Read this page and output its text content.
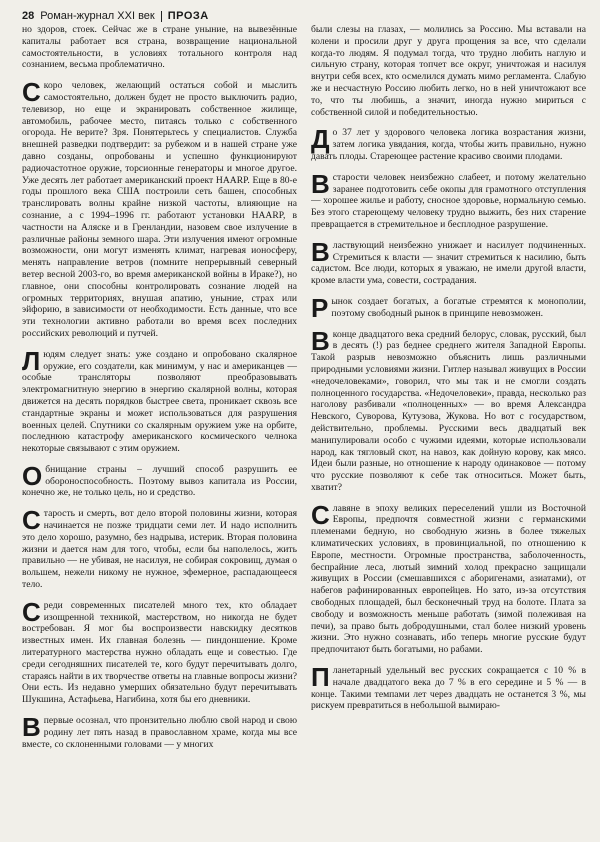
28 Роман-журнал XXI век ПРОЗА

но здоров, стоек. Сейчас же в стране уныние, на вывезённые капиталы работает вся страна, возвращение национальной самостоятельности, в условиях тотального контроля над сознанием, весьма проблематично.

Скоро человек, желающий остаться собой и мыслить самостоятельно, должен будет не просто выключить радио, телевизор, но еще и экранировать собственное жилище, автомобиль, рабочее место, питаясь только с собственного огорода. Не верите? Зря. Понятерьтесь у специалистов. Служба внешней разведки подтвердит: за рубежом и в нашей стране уже давно созданы, опробованы и успешно функционируют радиочастотное оружие, торсионные генераторы и многое другое. Уже десять лет работает американский проект HAARP. Еще в 80-е годы прошлого века США построили сеть башен, способных транслировать волны крайне низкой частоты, влияющие на сознание, а с 1994–1996 гг. работают установки HAARP, в частности на Аляске и в Гренландии, назовем свое излучение в различные районы земного шара. Эти излучения имеют огромные возможности, они могут изменять климат, нагревая ионосферу, менять направление ветров (помните непрерывный северный ветер весной 2003-го, во время американской войны в Ираке?), но главное, они способны контролировать сознание людей на огромных территориях, внушая апатию, уныние, страх или эйфорию, в зависимости от необходимости. Есть данные, что все эти технологии активно работали во время всех последних российских революций и путчей.

Людям следует знать: уже создано и опробовано скалярное оружие, его создатели, как минимум, у нас и американцев — особые трансляторы позволяют преобразовывать электромагнитную энергию в энергию скалярной волны, которая движется на десять порядков быстрее света, проникает сквозь все стандартные экраны и может использоваться для разрушения военных целей. Спутники со скалярным оружием уже на орбите, последнюю катастрофу американского космического челнока некоторые связывают с этим оружием.

Обнищание страны – лучший способ разрушить ее обороноспособность. Поэтому вывоз капитала из России, конечно же, не только цель, но и средство.

Старость и смерть, вот дело второй половины жизни, которая начинается не позже тридцати семи лет. И надо исполнить это дело хорошо, разумно, без надрыва, истерик. Вторая половина жизни и дается нам для того, чтобы, если бы наполелось, жить правильно — не убивая, не насилуя, не собирая сокровищ, думая о вольшем, нежели никому не нужное, эфемерное, распадающееся тело.

Среди современных писателей много тех, кто обладает изощренной техникой, мастерством, но никогда не будет востребован. Я мог бы воспроизвести навскидку десятков известных имен. Их главная болезнь — пиндоншение. Кроме литературного мастерства нужно обладать еще и совестью. Где среди сегодняшних писателей те, кого будут перечитывать долго, стараясь найти в их творчестве ответы на главные вопросы жизни? Они есть. Из недавно умерших обязательно будут перечитывать Шукшина, Астафьева, Нагибина, хотя бы его дневники.

Впервые осознал, что пронзительно люблю свой народ и свою родину лет пять назад в православном храме, когда мы все вместе, со склоненными головами — у многих

были слезы на глазах, — молились за Россию. Мы вставали на колени и просили друг у друга прощения за все, что сделали когда-то людям. Я подумал тогда, что трудно любить наглую и сильную страну, которая топчет все округ, уничтожая и насилуя внутри себя всех, кто осмелился думать мимо регламента. Слабую же и несчастную Россию любить легко, но в ней уничтожают все то, что ты любишь, а значит, иногда нужно мириться с собственной силой и победительностью.

До 37 лет у здорового человека логика возрастания жизни, затем логика увядания, когда, чтобы жить правильно, нужно давать плоды. Стареющее растение красиво своими плодами.

Встарости человек неизбежно слабеет, и потому желательно заранее подготовить себе окопы для грамотного отступления — хорошее жилье и работу, сносное здоровье, нормальную семью. Без этого стареющему человеку трудно выжить, без них старение превращается в стремительное и бесплодное разрушение.

Властвующий неизбежно унижает и насилует подчиненных. Стремиться к власти — значит стремиться к насилию, быть садистом. Все люди, которых я уважаю, не имели другой власти, кроме власти ума, совести, сострадания.

Рынок создает богатых, а богатые стремятся к монополии, поэтому свободный рынок в принципе невозможен.

Вконце двадцатого века средний белорус, словак, русский, был в десять (!) раз беднее среднего жителя Западной Европы. Такой разрыв невозможно объяснить лишь различными природными условиями жизни. Гитлер называл живущих в России «недочеловеками», говорил, что мы так и не смогли создать полноценного государства. «Недочеловеки», правда, несколько раз наголову разбивали «полноценных» — во время Александра Невского, Суворова, Кутузова, Жукова. Но вот с государством, действительно, проблемы. Русскими весь двадцатый век манипулировали особо с чужими идеями, которые использовали народ, как тягловый скот, на навоз, как дойную корову, как мясо. Идеи были разные, но отношение к народу одинаковое — потому что русские позволяют к себе так относиться. Может быть, хватит?

Славяне в эпоху великих переселений ушли из Восточной Европы, предпочтя совместной жизни с германскими племенами бедную, но свободную жизнь в более тяжелых климатических условиях, в провинциальной, по отношению к Европе, местности. Огромные пространства, заболоченность, беспрайние леса, лютый зимний холод прекрасно защищали живущих в России (смешавшихся с аборигенами, азиатами), от набегов рафинированных европейцев. Но зато, из-за отсутствия свободных площадей, был бесконечный труд на болоте. Плата за свободу и возможность меньше работать (зимой полеживая на печи), за право быть добродушными, стал более низкий уровень жизни. Это нужно сознавать, ибо теперь многие русские будут предпочитают быть богатыми, но рабами.

Планетарный удельный вес русских сокращается с 10 % в начале двадцатого века до 7 % в его середине и 5 % — в конце. Такими темпами лет через двадцать не останется 3 %, мы рискуем превратиться в небольшой вымираю-
